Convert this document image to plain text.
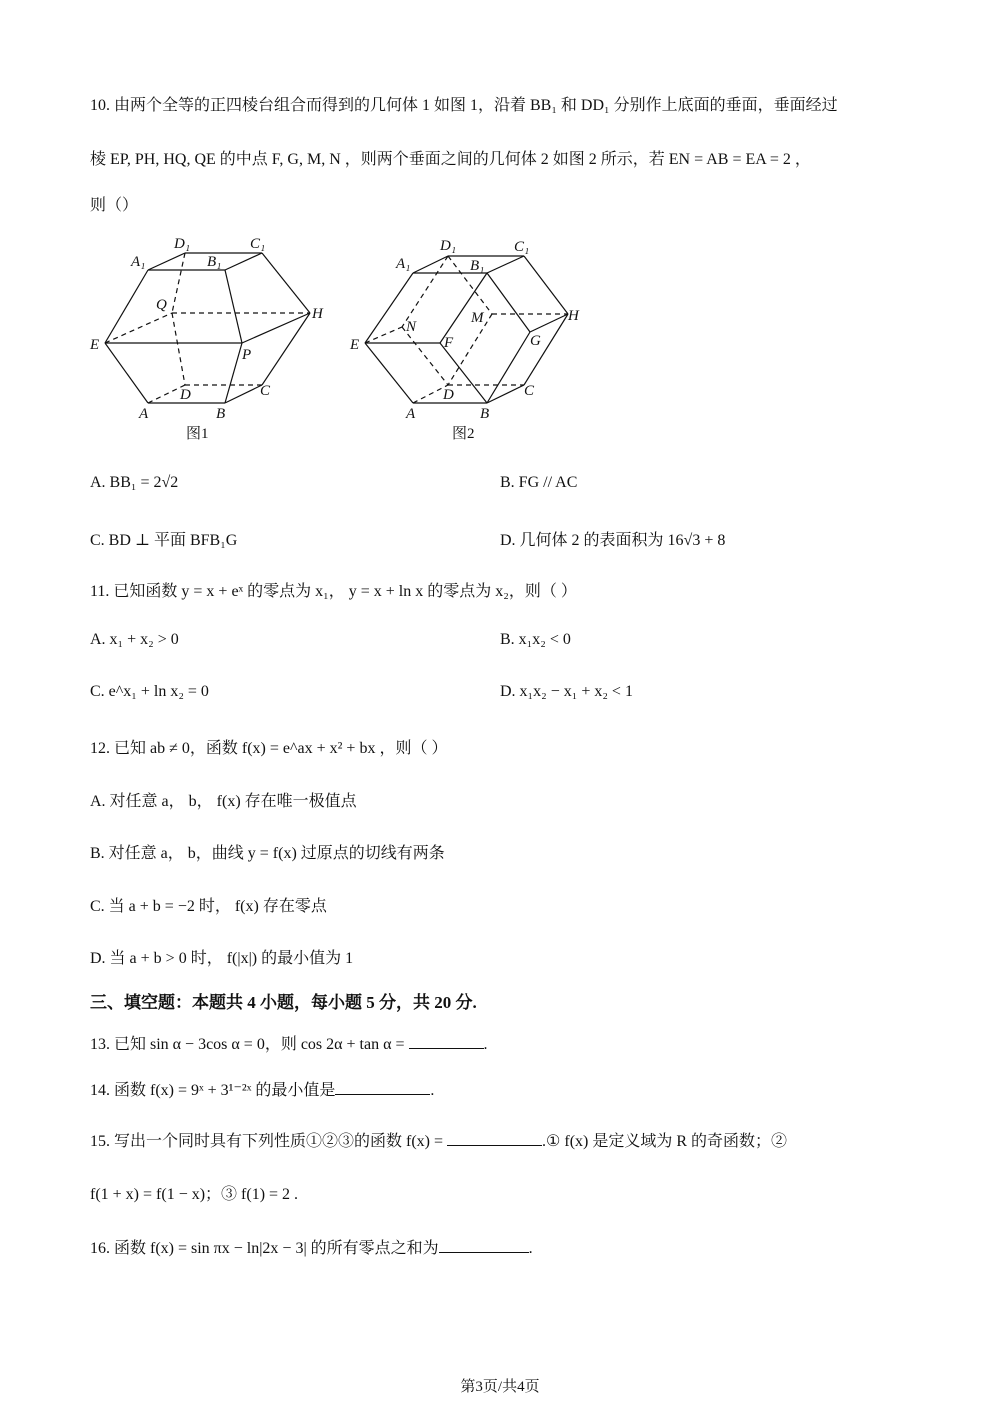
10. 由两个全等的正四棱台组合而得到的几何体 1 如图 1，沿着 BB₁ 和 DD₁ 分别作上底面的垂面，垂面经过
棱 EP, PH, HQ, QE 的中点 F, G, M, N ，则两个垂面之间的几何体 2 如图 2 所示，若 EN = AB = EA = 2 ，
则（）
A₁
D₁
B₁
C₁
Q
H
E
P
D	C
A	B
图1
A₁
D₁
B₁
C₁
N
M	H
E	F	G
D	C
A	B
图2
A. BB₁ = 2√2	B. FG // AC
C. BD ⊥ 平面 BFB₁G	D. 几何体 2 的表面积为 16√3 + 8
11. 已知函数 y = x + eˣ 的零点为 x₁， y = x + ln x 的零点为 x₂，则（ ）
A. x₁ + x₂ > 0	B. x₁x₂ < 0
C. e^x₁ + ln x₂ = 0	D. x₁x₂ − x₁ + x₂ < 1
12. 已知 ab ≠ 0，函数 f(x) = e^ax + x² + bx ，则（ ）
A. 对任意 a， b， f(x) 存在唯一极值点
B. 对任意 a， b，曲线 y = f(x) 过原点的切线有两条
C. 当 a + b = −2 时， f(x) 存在零点
D. 当 a + b > 0 时， f(|x|) 的最小值为 1
三、填空题：本题共 4 小题，每小题 5 分，共 20 分.
13. 已知 sin α − 3cos α = 0，则 cos 2α + tan α =	.
14. 函数 f(x) = 9ˣ + 3¹⁻²ˣ 的最小值是	.
15. 写出一个同时具有下列性质①②③的函数 f(x) =	.① f(x) 是定义域为 R 的奇函数；②
f(1 + x) = f(1 − x)；③ f(1) = 2 .
16. 函数 f(x) = sin πx − ln|2x − 3| 的所有零点之和为	.
第3页/共4页
